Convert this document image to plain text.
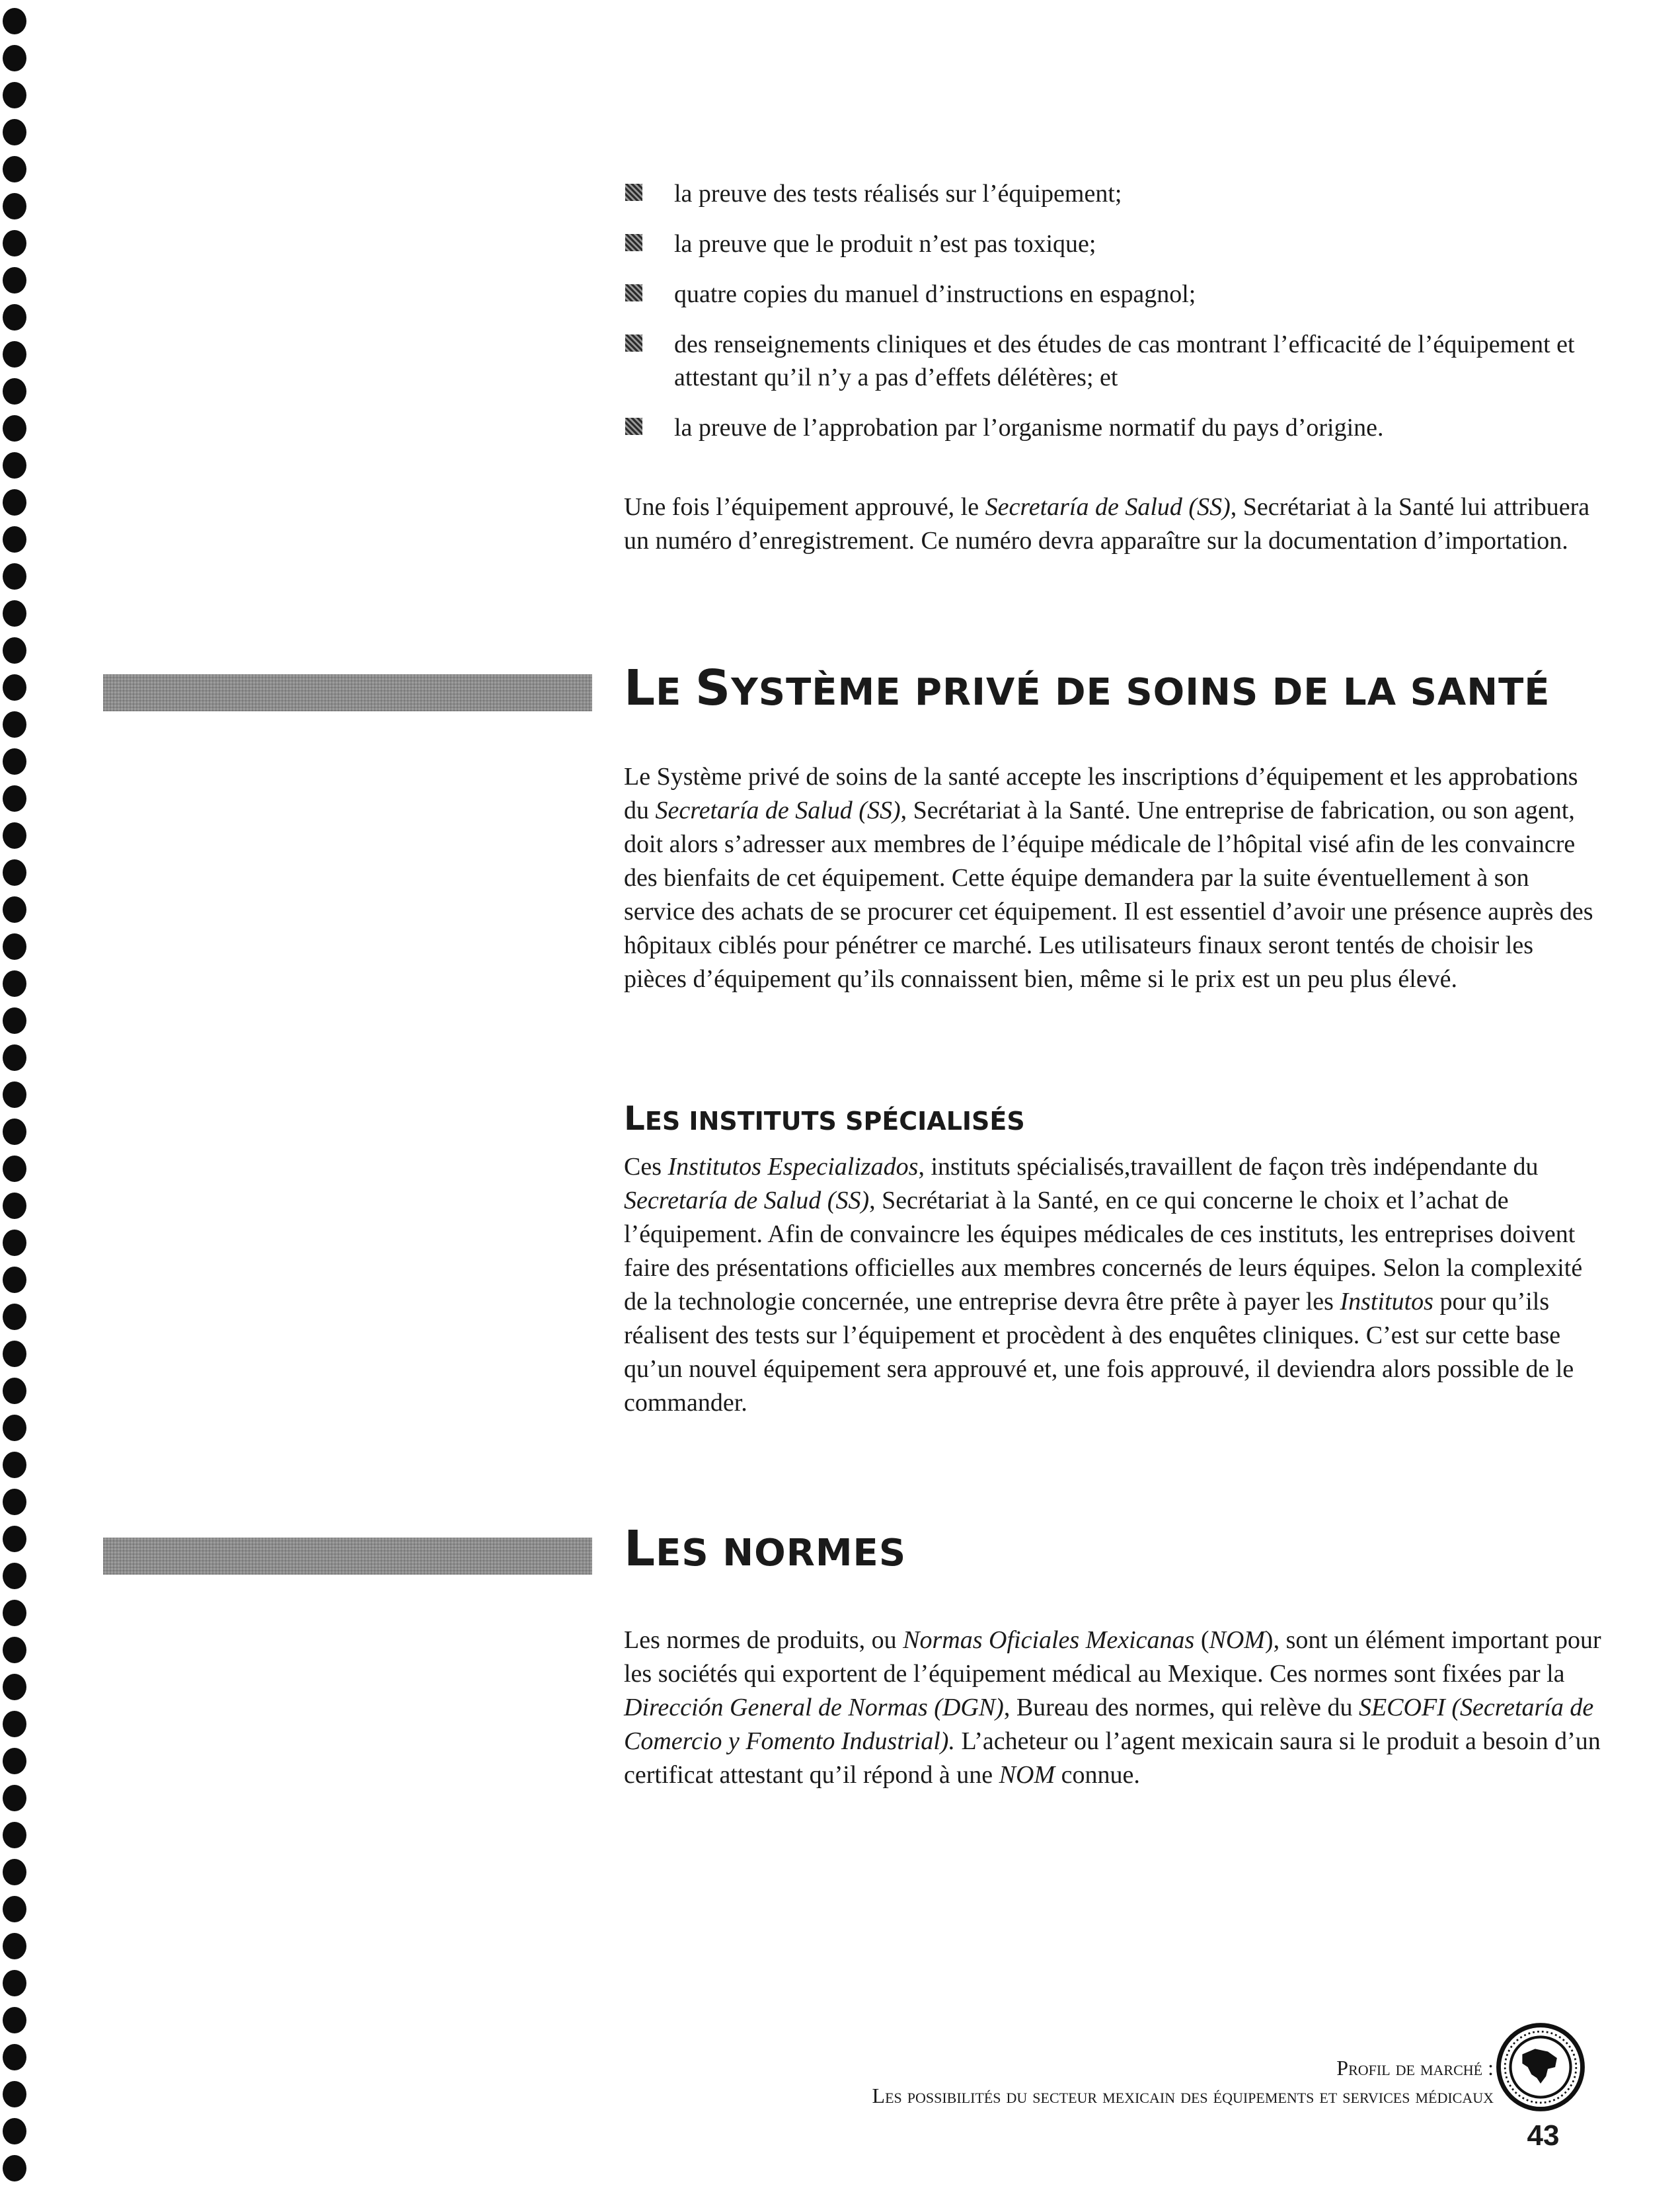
la preuve des tests réalisés sur l’équipement;
la preuve que le produit n’est pas toxique;
quatre copies du manuel d’instructions en espagnol;
des renseignements cliniques et des études de cas montrant l’efficacité de l’équipement et attestant qu’il n’y a pas d’effets délétères; et
la preuve de l’approbation par l’organisme normatif du pays d’origine.

Une fois l’équipement approuvé, le Secretaría de Salud (SS), Secrétariat à la Santé lui attribuera un numéro d’enregistrement. Ce numéro devra apparaître sur la documentation d’importation.

LE SYSTÈME PRIVÉ DE SOINS DE LA SANTÉ

Le Système privé de soins de la santé accepte les inscriptions d’équipement et les approbations du Secretaría de Salud (SS), Secrétariat à la Santé. Une entreprise de fabrication, ou son agent, doit alors s’adresser aux membres de l’équipe médicale de l’hôpital visé afin de les convaincre des bienfaits de cet équipement. Cette équipe demandera par la suite éventuellement à son service des achats de se procurer cet équipement. Il est essentiel d’avoir une présence auprès des hôpitaux ciblés pour pénétrer ce marché. Les utilisateurs finaux seront tentés de choisir les pièces d’équipement qu’ils connaissent bien, même si le prix est un peu plus élevé.

LES INSTITUTS SPÉCIALISÉS

Ces Institutos Especializados, instituts spécialisés,travaillent de façon très indépendante du Secretaría de Salud (SS), Secrétariat à la Santé, en ce qui concerne le choix et l’achat de l’équipement. Afin de convaincre les équipes médicales de ces instituts, les entreprises doivent faire des présentations officielles aux membres concernés de leurs équipes. Selon la complexité de la technologie concernée, une entreprise devra être prête à payer les Institutos pour qu’ils réalisent des tests sur l’équipement et procèdent à des enquêtes cliniques. C’est sur cette base qu’un nouvel équipement sera approuvé et, une fois approuvé, il deviendra alors possible de le commander.

LES NORMES

Les normes de produits, ou Normas Oficiales Mexicanas (NOM), sont un élément important pour les sociétés qui exportent de l’équipement médical au Mexique. Ces normes sont fixées par la Dirección General de Normas (DGN), Bureau des normes, qui relève du SECOFI (Secretaría de Comercio y Fomento Industrial). L’acheteur ou l’agent mexicain saura si le produit a besoin d’un certificat attestant qu’il répond à une NOM connue.

Profil de marché :
Les possibilités du secteur mexicain des équipements et services médicaux
43
